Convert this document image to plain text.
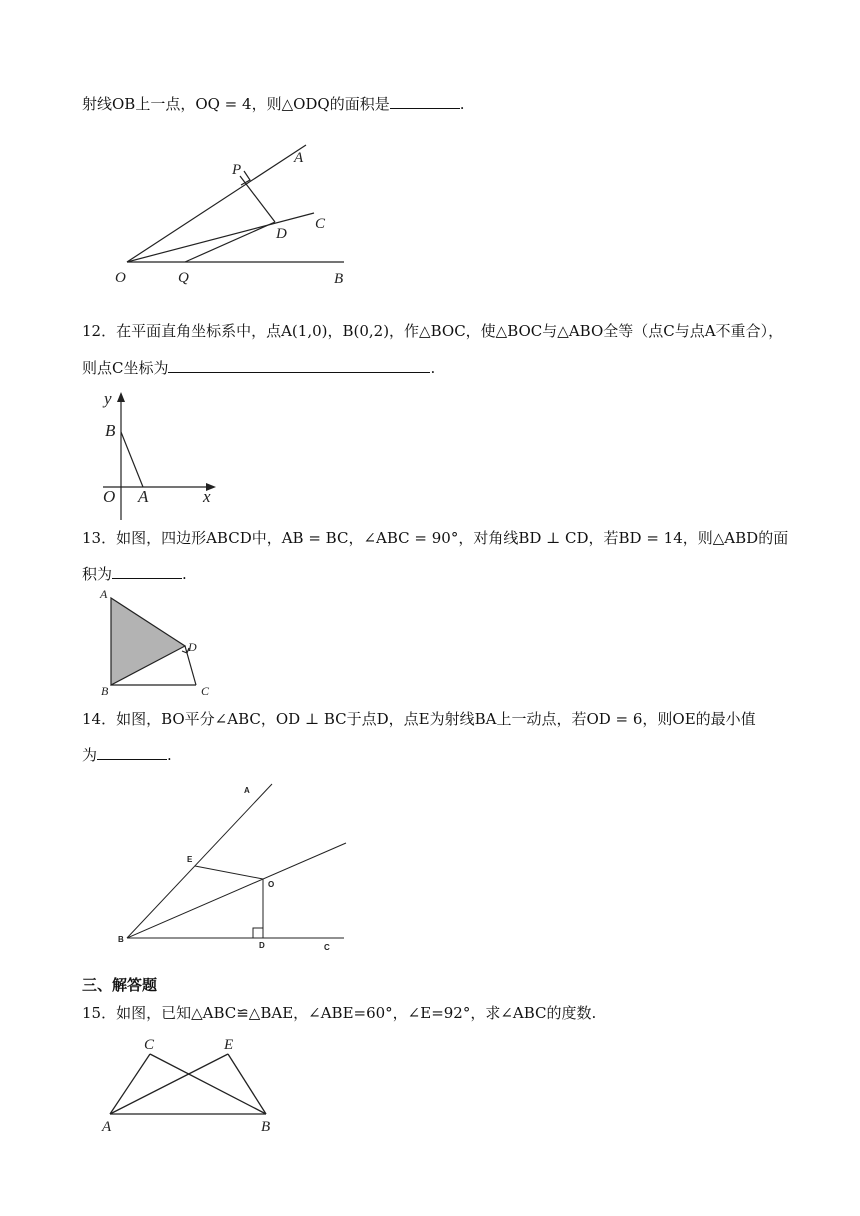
射线OB上一点，OQ = 4，则△ODQ的面积是	.
P
A
C
D
O	Q	B
12．在平面直角坐标系中，点A(1,0)，B(0,2)，作△BOC，使△BOC与△ABO全等（点C与点A不重合），
则点C坐标为	.
y
B
O A	x
13．如图，四边形ABCD中，AB = BC，∠ABC = 90°，对角线BD ⊥ CD，若BD = 14，则△ABD的面
积为	.
A
D
B	C
14．如图，BO平分∠ABC，OD ⊥ BC于点D，点E为射线BA上一动点，若OD = 6，则OE的最小值
为	.
A
E
O
B
D	C
三、解答题
15．如图，已知△ABC≌△BAE，∠ABE=60°，∠E=92°，求∠ABC的度数.
C	E
A	B
